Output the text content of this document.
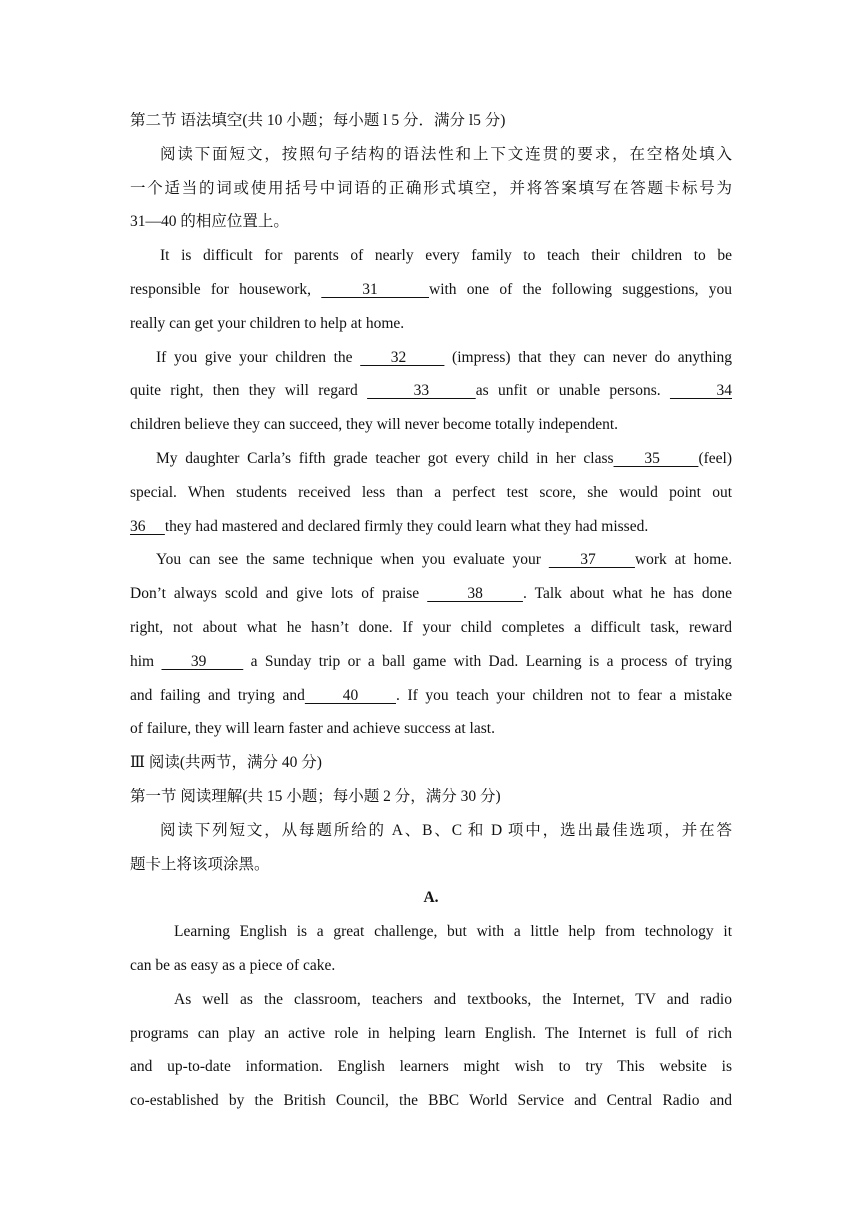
第二节 语法填空(共 10 小题；每小题 l 5 分．满分 l5 分)
阅读下面短文，按照句子结构的语法性和上下文连贯的要求，在空格处填入
一个适当的词或使用括号中词语的正确形式填空，并将答案填写在答题卡标号为
31—40 的相应位置上。
It is difficult for parents of nearly every family to teach their children to be
responsible for housework,     31     with one of the following suggestions, you
really can get your children to help at home.
If you give your children the     32      (impress) that they can never do anything
quite right, then they will regard      33     as unfit or unable persons.      34
children believe they can succeed, they will never become totally independent.
My daughter Carla’s fifth grade teacher got every child in her class    35     (feel)
special. When students received less than a perfect test score, she would point out
36     they had mastered and declared firmly they could learn what they had missed.
You can see the same technique when you evaluate your     37     work at home.
Don’t always scold and give lots of praise      38     . Talk about what he has done
right, not about what he hasn’t done. If your child completes a difficult task, reward
him     39      a Sunday trip or a ball game with Dad. Learning is a process of trying
and failing and trying and     40     . If you teach your children not to fear a mistake
of failure, they will learn faster and achieve success at last.
Ⅲ 阅读(共两节，满分 40 分)
第一节 阅读理解(共 15 小题；每小题 2 分，满分 30 分)
阅读下列短文，从每题所给的 A、B、C 和 D 项中，选出最佳选项，并在答
题卡上将该项涂黑。
A.
Learning English is a great challenge, but with a little help from technology it
can be as easy as a piece of cake.
As well as the classroom, teachers and textbooks, the Internet, TV and radio
programs can play an active role in helping learn English. The Internet is full of rich
and up-to-date information. English learners might wish to try This website is
co-established by the British Council, the BBC World Service and Central Radio and
